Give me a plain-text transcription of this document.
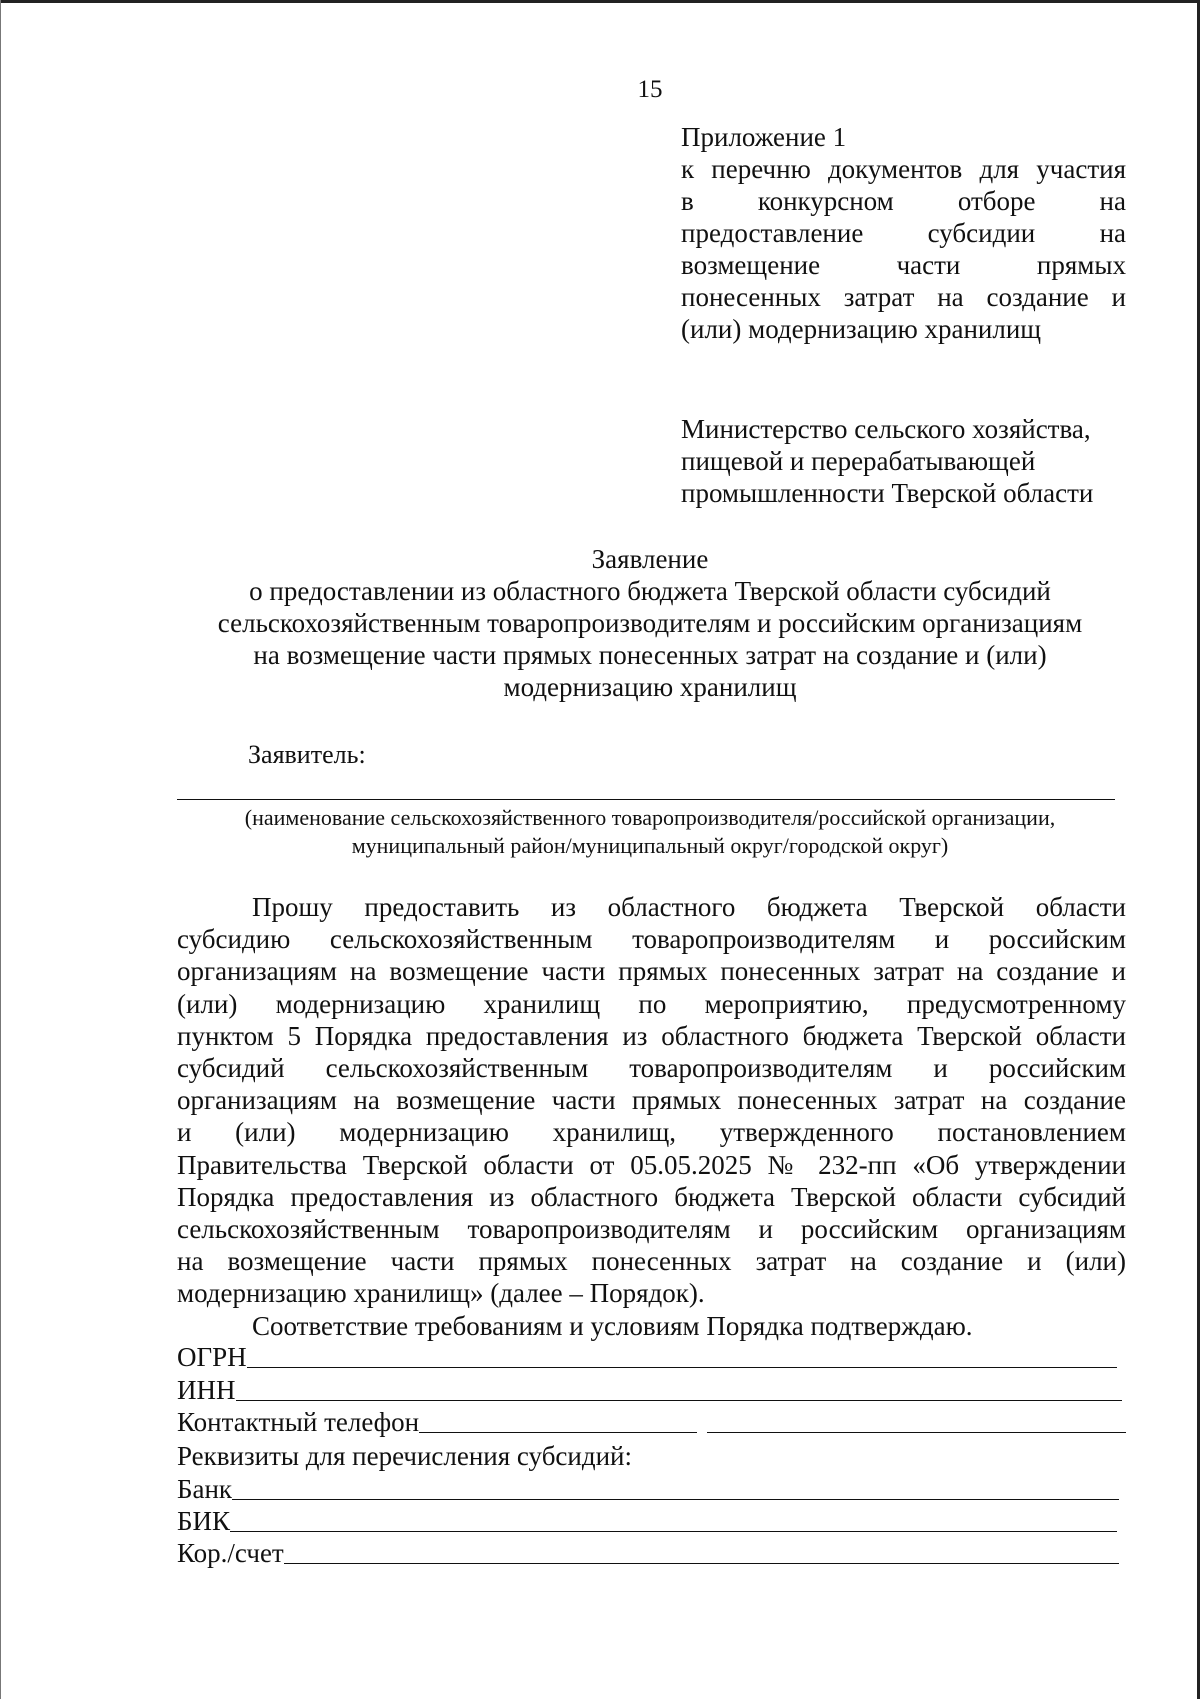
15
Приложение 1
к перечню документов для участия
в конкурсном отборе на
предоставление субсидии на
возмещение части прямых
понесенных затрат на создание и
(или) модернизацию хранилищ
Министерство сельского хозяйства,
пищевой и перерабатывающей
промышленности Тверской области
Заявление
о предоставлении из областного бюджета Тверской области субсидий
сельскохозяйственным товаропроизводителям и российским организациям
на возмещение части прямых понесенных затрат на создание и (или)
модернизацию хранилищ
Заявитель:
(наименование сельскохозяйственного товаропроизводителя/российской организации,
муниципальный район/муниципальный округ/городской округ)
Прошу предоставить из областного бюджета Тверской области
субсидию сельскохозяйственным товаропроизводителям и российским
организациям на возмещение части прямых понесенных затрат на создание и
(или) модернизацию хранилищ по мероприятию, предусмотренному
пунктом 5 Порядка предоставления из областного бюджета Тверской области
субсидий сельскохозяйственным товаропроизводителям и российским
организациям на возмещение части прямых понесенных затрат на создание
и (или) модернизацию хранилищ, утвержденного постановлением
Правительства Тверской области от 05.05.2025 № 232-пп «Об утверждении
Порядка предоставления из областного бюджета Тверской области субсидий
сельскохозяйственным товаропроизводителям и российским организациям
на возмещение части прямых понесенных затрат на создание и (или)
модернизацию хранилищ» (далее – Порядок).
Соответствие требованиям и условиям Порядка подтверждаю.
ОГРН
ИНН
Контактный телефон
Реквизиты для перечисления субсидий:
Банк
БИК
Кор./счет
